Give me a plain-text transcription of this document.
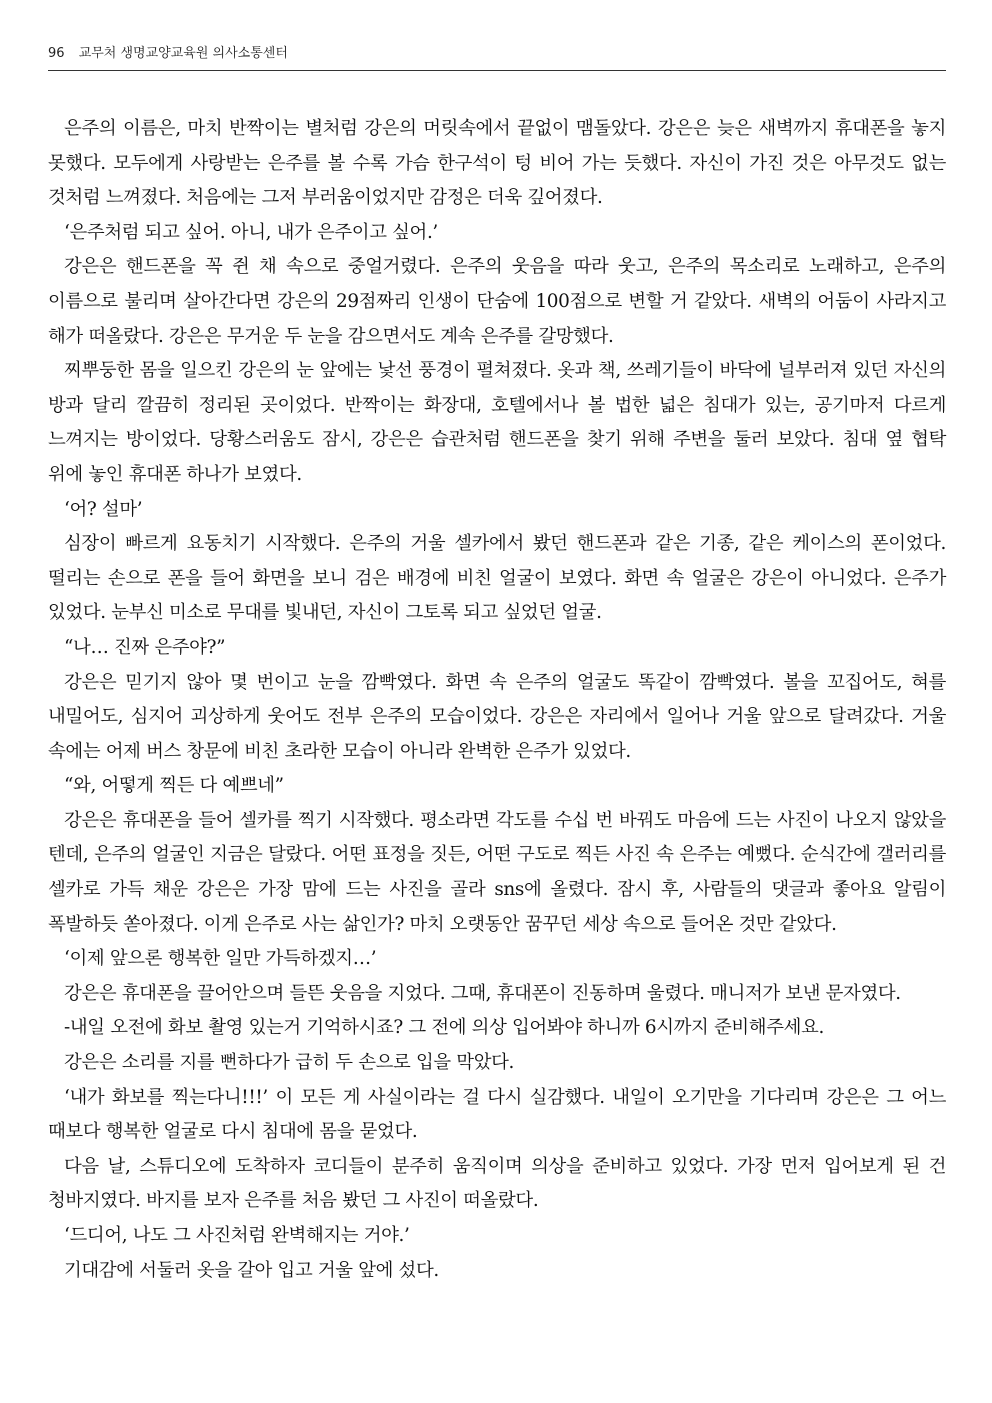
96 교무처 생명교양교육원 의사소통센터

은주의 이름은, 마치 반짝이는 별처럼 강은의 머릿속에서 끝없이 맴돌았다. 강은은 늦은 새벽까지 휴대폰을 놓지 못했다. 모두에게 사랑받는 은주를 볼 수록 가슴 한구석이 텅 비어 가는 듯했다. 자신이 가진 것은 아무것도 없는 것처럼 느껴졌다. 처음에는 그저 부러움이었지만 감정은 더욱 깊어졌다.

‘은주처럼 되고 싶어. 아니, 내가 은주이고 싶어.’

강은은 핸드폰을 꼭 쥔 채 속으로 중얼거렸다. 은주의 웃음을 따라 웃고, 은주의 목소리로 노래하고, 은주의 이름으로 불리며 살아간다면 강은의 29점짜리 인생이 단숨에 100점으로 변할 거 같았다. 새벽의 어둠이 사라지고 해가 떠올랐다. 강은은 무거운 두 눈을 감으면서도 계속 은주를 갈망했다.

찌뿌둥한 몸을 일으킨 강은의 눈 앞에는 낯선 풍경이 펼쳐졌다. 옷과 책, 쓰레기들이 바닥에 널부러져 있던 자신의 방과 달리 깔끔히 정리된 곳이었다. 반짝이는 화장대, 호텔에서나 볼 법한 넓은 침대가 있는, 공기마저 다르게 느껴지는 방이었다. 당황스러움도 잠시, 강은은 습관처럼 핸드폰을 찾기 위해 주변을 둘러 보았다. 침대 옆 협탁 위에 놓인 휴대폰 하나가 보였다.

‘어? 설마’

심장이 빠르게 요동치기 시작했다. 은주의 거울 셀카에서 봤던 핸드폰과 같은 기종, 같은 케이스의 폰이었다. 떨리는 손으로 폰을 들어 화면을 보니 검은 배경에 비친 얼굴이 보였다. 화면 속 얼굴은 강은이 아니었다. 은주가 있었다. 눈부신 미소로 무대를 빛내던, 자신이 그토록 되고 싶었던 얼굴.

“나… 진짜 은주야?”

강은은 믿기지 않아 몇 번이고 눈을 깜빡였다. 화면 속 은주의 얼굴도 똑같이 깜빡였다. 볼을 꼬집어도, 혀를 내밀어도, 심지어 괴상하게 웃어도 전부 은주의 모습이었다. 강은은 자리에서 일어나 거울 앞으로 달려갔다. 거울 속에는 어제 버스 창문에 비친 초라한 모습이 아니라 완벽한 은주가 있었다.

“와, 어떻게 찍든 다 예쁘네”

강은은 휴대폰을 들어 셀카를 찍기 시작했다. 평소라면 각도를 수십 번 바꿔도 마음에 드는 사진이 나오지 않았을 텐데, 은주의 얼굴인 지금은 달랐다. 어떤 표정을 짓든, 어떤 구도로 찍든 사진 속 은주는 예뻤다. 순식간에 갤러리를 셀카로 가득 채운 강은은 가장 맘에 드는 사진을 골라 sns에 올렸다. 잠시 후, 사람들의 댓글과 좋아요 알림이 폭발하듯 쏟아졌다. 이게 은주로 사는 삶인가? 마치 오랫동안 꿈꾸던 세상 속으로 들어온 것만 같았다.

‘이제 앞으론 행복한 일만 가득하겠지…’

강은은 휴대폰을 끌어안으며 들뜬 웃음을 지었다. 그때, 휴대폰이 진동하며 울렸다. 매니저가 보낸 문자였다.

-내일 오전에 화보 촬영 있는거 기억하시죠? 그 전에 의상 입어봐야 하니까 6시까지 준비해주세요.

강은은 소리를 지를 뻔하다가 급히 두 손으로 입을 막았다.

‘내가 화보를 찍는다니!!!’ 이 모든 게 사실이라는 걸 다시 실감했다. 내일이 오기만을 기다리며 강은은 그 어느 때보다 행복한 얼굴로 다시 침대에 몸을 묻었다.

다음 날, 스튜디오에 도착하자 코디들이 분주히 움직이며 의상을 준비하고 있었다. 가장 먼저 입어보게 된 건 청바지였다. 바지를 보자 은주를 처음 봤던 그 사진이 떠올랐다.

‘드디어, 나도 그 사진처럼 완벽해지는 거야.’

기대감에 서둘러 옷을 갈아 입고 거울 앞에 섰다.
